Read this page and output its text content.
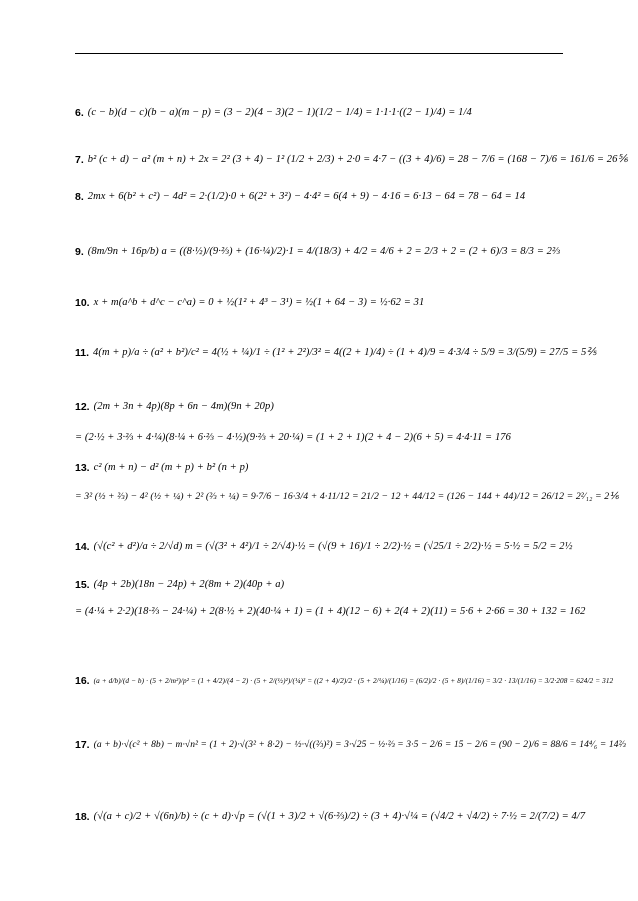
6. (c − b)(d − c)(b − a)(m − p) = (3 − 2)(4 − 3)(2 − 1)(1/2 − 1/4) = 1·1·1·((2 − 1)/4) = 1/4
7. b² (c + d) − a² (m + n) + 2x = 2² (3 + 4) − 1² (1/2 + 2/3) + 2·0 = 4·7 − ((3 + 4)/6) = 28 − 7/6 = (168 − 7)/6 = 161/6 = 26⅚
8. 2mx + 6(b² + c²) − 4d² = 2·(1/2)·0 + 6(2² + 3²) − 4·4² = 6(4 + 9) − 4·16 = 6·13 − 64 = 78 − 64 = 14
9. (8m/9n + 16p/b) a = ((8·½)/(9·⅔) + (16·¼)/2)·1 = 4/(18/3) + 4/2 = 4/6 + 2 = 2/3 + 2 = (2 + 6)/3 = 8/3 = 2⅔
10. x + m(a^b + d^c − c^a) = 0 + ½(1² + 4³ − 3¹) = ½(1 + 64 − 3) = ½·62 = 31
11. 4(m + p)/a ÷ (a² + b²)/c² = 4(½ + ¼)/1 ÷ (1² + 2²)/3² = 4((2 + 1)/4) ÷ (1 + 4)/9 = 4·3/4 ÷ 5/9 = 3/(5/9) = 27/5 = 5⅖
12. (2m + 3n + 4p)(8p + 6n − 4m)(9n + 20p)
= (2·½ + 3·⅔ + 4·¼)(8·¼ + 6·⅔ − 4·½)(9·⅔ + 20·¼) = (1 + 2 + 1)(2 + 4 − 2)(6 + 5) = 4·4·11 = 176
13. c² (m + n) − d² (m + p) + b² (n + p)
= 3² (½ + ⅔) − 4² (½ + ¼) + 2² (⅔ + ¼) = 9·7/6 − 16·3/4 + 4·11/12 = 21/2 − 12 + 44/12 = (126 − 144 + 44)/12 = 26/12 = 2²⁄₁₂ = 2⅙
14. (√(c² + d²)/a ÷ 2/√d) m = (√(3² + 4²)/1 ÷ 2/√4)·½ = (√(9 + 16)/1 ÷ 2/2)·½ = (√25/1 ÷ 2/2)·½ = 5·½ = 5/2 = 2½
15. (4p + 2b)(18n − 24p) + 2(8m + 2)(40p + a)
= (4·¼ + 2·2)(18·⅔ − 24·¼) + 2(8·½ + 2)(40·¼ + 1) = (1 + 4)(12 − 6) + 2(4 + 2)(11) = 5·6 + 2·66 = 30 + 132 = 162
16. (a + d/b)/(d − b) · (5 + 2/m²)/p² = (1 + 4/2)/(4 − 2) · (5 + 2/(½)²)/(¼)² = ((2 + 4)/2)/2 · (5 + 2/¼)/(1/16) = (6/2)/2 · (5 + 8)/(1/16) = 3/2 · 13/(1/16) = 3/2·208 = 624/2 = 312
17. (a + b)·√(c² + 8b) − m·√n² = (1 + 2)·√(3² + 8·2) − ½·√((⅔)²) = 3·√25 − ½·⅔ = 3·5 − 2/6 = 15 − 2/6 = (90 − 2)/6 = 88/6 = 14⁴⁄₆ = 14⅔
18. (√(a + c)/2 + √(6n)/b) ÷ (c + d)·√p = (√(1 + 3)/2 + √(6·⅔)/2) ÷ (3 + 4)·√¼ = (√4/2 + √4/2) ÷ 7·½ = 2/(7/2) = 4/7
